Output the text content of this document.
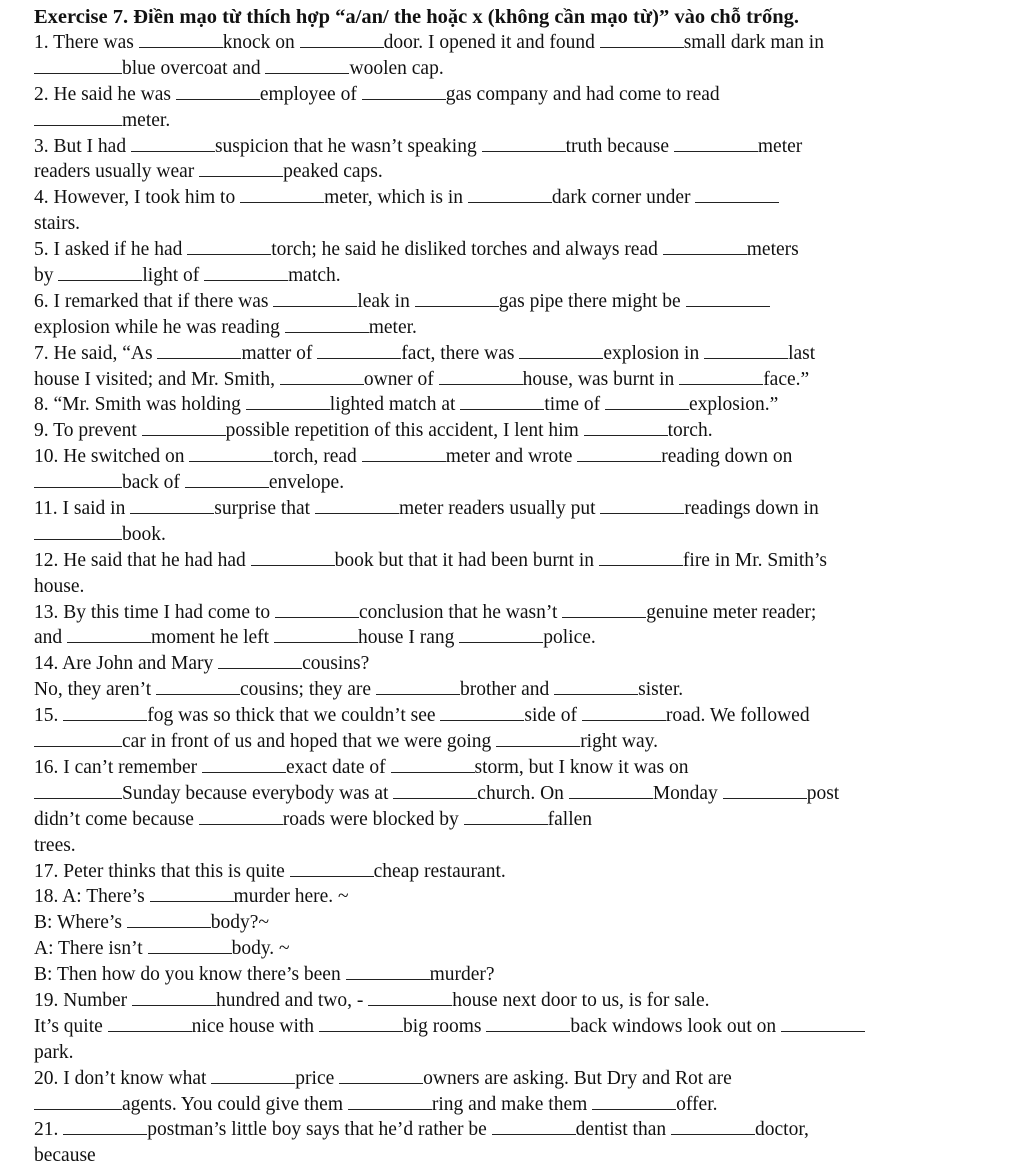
Exercise 7. Điền mạo từ thích hợp “a/an/ the hoặc x (không cần mạo từ)” vào chỗ trống.
1. There was	knock on	door. I opened it and found	small dark man in
blue overcoat and	woolen cap.
2. He said he was	employee of	gas company and had come to read
meter.
3. But I had	suspicion that he wasn’t speaking	truth because	meter
readers usually wear	peaked caps.
4. However, I took him to	meter, which is in	dark corner under
stairs.
5. I asked if he had	torch; he said he disliked torches and always read	meters
by	light of	match.
6. I remarked that if there was	leak in	gas pipe there might be
explosion while he was reading	meter.
7. He said, “As	matter of	fact, there was	explosion in	last
house I visited; and Mr. Smith,	owner of	house, was burnt in	face.”
8. “Mr. Smith was holding	lighted match at	time of	explosion.”
9. To prevent	possible repetition of this accident, I lent him	torch.
10. He switched on	torch, read	meter and wrote	reading down on
back of	envelope.
11. I said in	surprise that	meter readers usually put	readings down in
book.
12. He said that he had had	book but that it had been burnt in	fire in Mr. Smith’s
house.
13. By this time I had come to	conclusion that he wasn’t	genuine meter reader;
and	moment he left	house I rang	police.
14. Are John and Mary	cousins?
No, they aren’t	cousins; they are	brother and	sister.
15.	fog was so thick that we couldn’t see	side of	road. We followed
car in front of us and hoped that we were going	right way.
16. I can’t remember	exact date of	storm, but I know it was on
Sunday because everybody was at	church. On	Monday	post
didn’t come because	roads were blocked by	fallen
trees.
17. Peter thinks that this is quite	cheap restaurant.
18. A: There’s	murder here. ~
B: Where’s	body?~
A: There isn’t	body. ~
B: Then how do you know there’s been	murder?
19. Number	hundred and two, -	house next door to us, is for sale.
It’s quite	nice house with	big rooms	back windows look out on
park.
20. I don’t know what	price	owners are asking. But Dry and Rot are
agents. You could give them	ring and make them	offer.
21.	postman’s little boy says that he’d rather be	dentist than	doctor,
because
